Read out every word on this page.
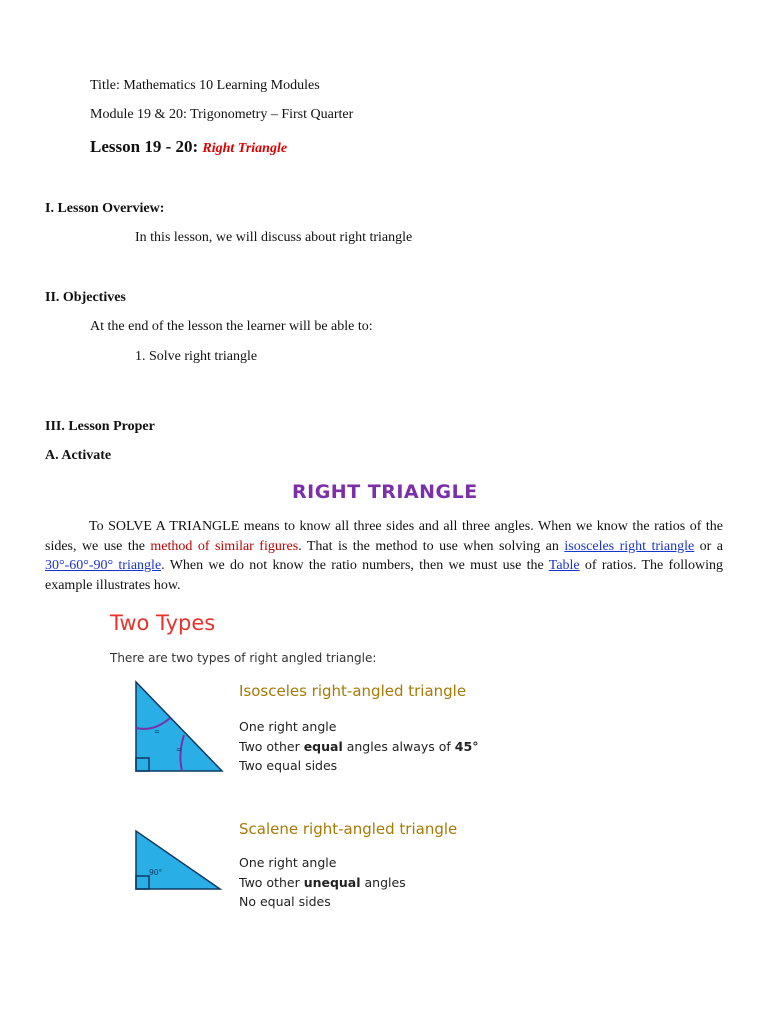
Title: Mathematics 10 Learning Modules
Module 19 & 20: Trigonometry – First Quarter
Lesson 19 - 20: Right Triangle
I. Lesson Overview:
In this lesson, we will discuss about right triangle
II. Objectives
At the end of the lesson the learner will be able to:
1. Solve right triangle
III. Lesson Proper
A. Activate
RIGHT TRIANGLE
To SOLVE A TRIANGLE means to know all three sides and all three angles. When we know the ratios of the sides, we use the method of similar figures. That is the method to use when solving an isosceles right triangle or a 30°-60°-90° triangle. When we do not know the ratio numbers, then we must use the Table of ratios. The following example illustrates how.
Two Types
There are two types of right angled triangle:
=
=
Isosceles right-angled triangle
One right angle
Two other equal angles always of 45°
Two equal sides
90°
Scalene right-angled triangle
One right angle
Two other unequal angles
No equal sides
